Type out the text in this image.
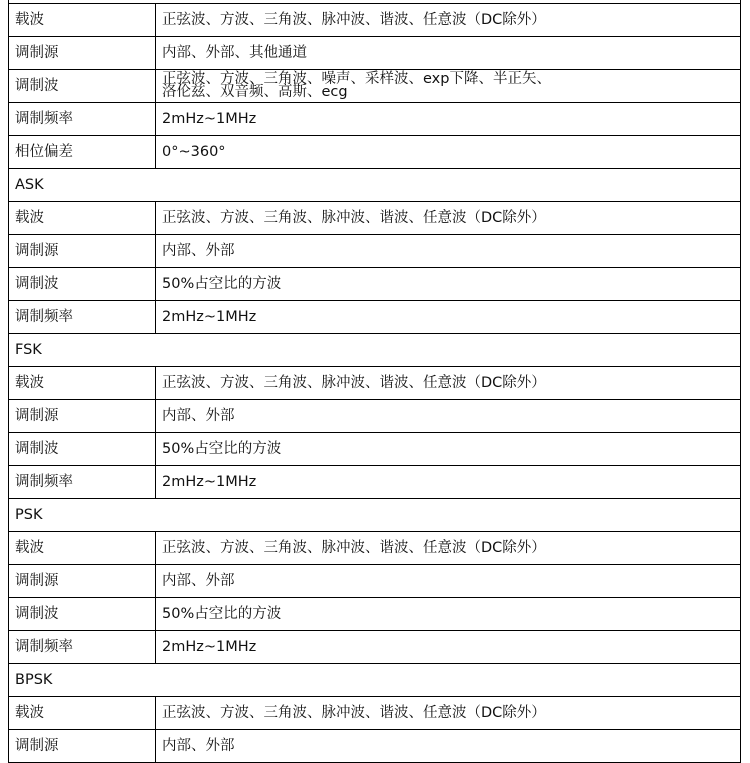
载波	正弦波、方波、三角波、脉冲波、谐波、任意波（DC除外）
调制源	内部、外部、其他通道
调制波	正弦波、方波、三角波、噪声、采样波、exp下降、半正矢、
洛伦兹、双音频、高斯、ecg

调制频率	2mHz~1MHz
相位偏差	0°~360°
ASK	
载波	正弦波、方波、三角波、脉冲波、谐波、任意波（DC除外）
调制源	内部、外部
调制波	50%占空比的方波
调制频率	2mHz~1MHz
FSK	
载波	正弦波、方波、三角波、脉冲波、谐波、任意波（DC除外）
调制源	内部、外部
调制波	50%占空比的方波
调制频率	2mHz~1MHz
PSK	
载波	正弦波、方波、三角波、脉冲波、谐波、任意波（DC除外）
调制源	内部、外部
调制波	50%占空比的方波
调制频率	2mHz~1MHz
BPSK	
载波	正弦波、方波、三角波、脉冲波、谐波、任意波（DC除外）
调制源	内部、外部
